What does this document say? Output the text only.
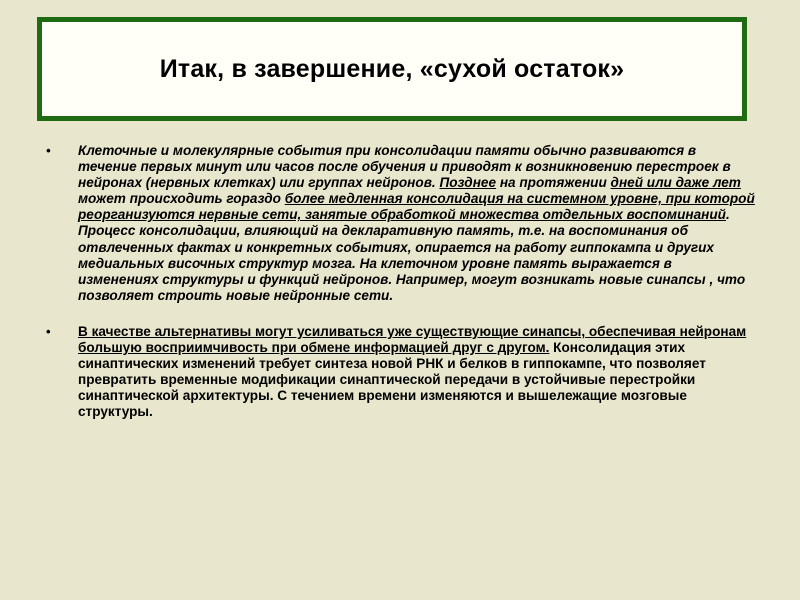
Итак, в завершение, «сухой остаток»
• Клеточные и молекулярные события при консолидации памяти обычно развиваются в течение первых минут или часов после обучения и приводят к возникновению перестроек в нейронах (нервных клетках) или группах нейронов. Позднее на протяжении дней или даже лет может происходить гораздо более медленная консолидация на системном уровне, при которой реорганизуются нервные сети, занятые обработкой множества отдельных воспоминаний. Процесс консолидации, влияющий на декларативную память, т.е. на воспоминания об отвлеченных фактах и конкретных событиях, опирается на работу гиппокампа и других медиальных височных структур мозга. На клеточном уровне память выражается в изменениях структуры и функций нейронов. Например, могут возникать новые синапсы , что позволяет строить новые нейронные сети.
• В качестве альтернативы могут усиливаться уже существующие синапсы, обеспечивая нейронам большую восприимчивость при обмене информацией друг с другом. Консолидация этих синаптических изменений требует синтеза новой РНК и белков в гиппокампе, что позволяет превратить временные модификации синаптической передачи в устойчивые перестройки синаптической архитектуры. С течением времени изменяются и вышележащие мозговые структуры.
